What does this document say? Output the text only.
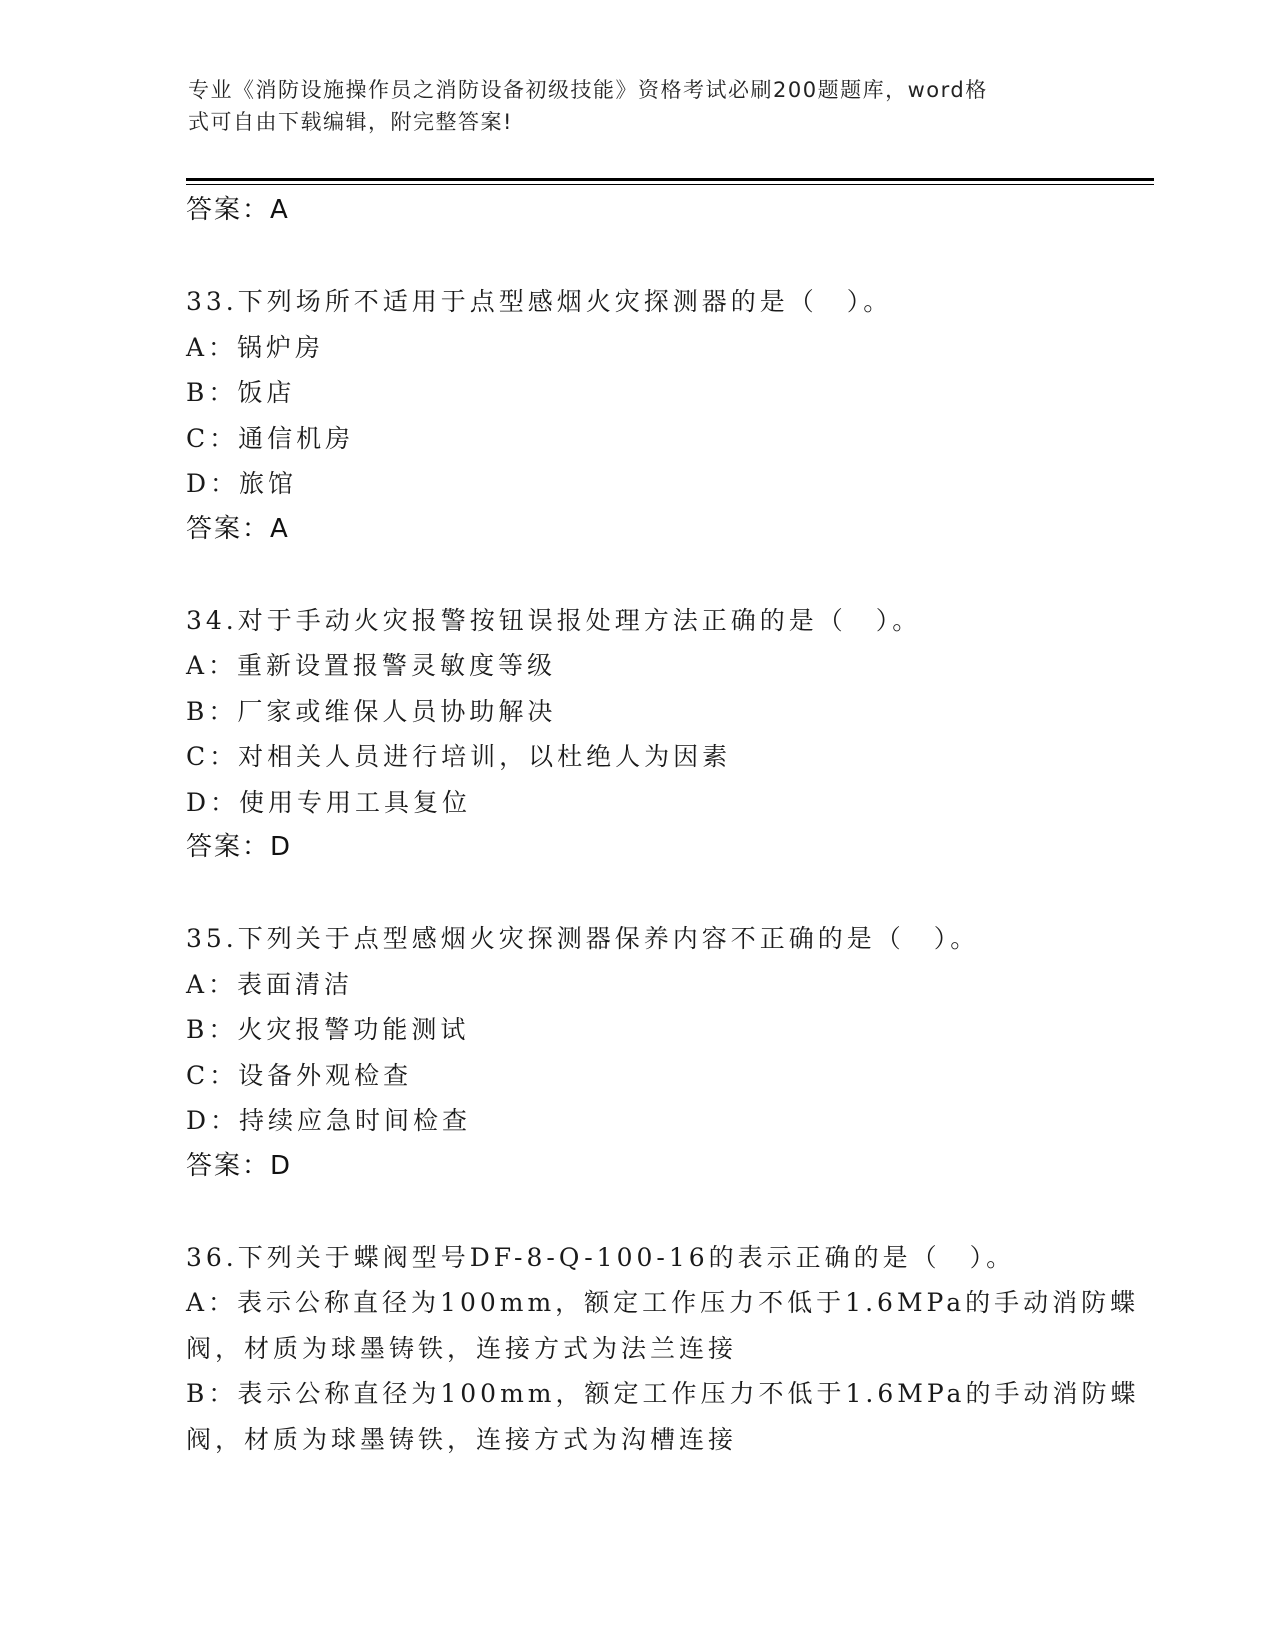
专业《消防设施操作员之消防设备初级技能》资格考试必刷200题题库，word格
式可自由下载编辑，附完整答案!
答案：A
33.下列场所不适用于点型感烟火灾探测器的是（　）。
A：锅炉房
B：饭店
C：通信机房
D：旅馆
答案：A
34.对于手动火灾报警按钮误报处理方法正确的是（　）。
A：重新设置报警灵敏度等级
B：厂家或维保人员协助解决
C：对相关人员进行培训，以杜绝人为因素
D：使用专用工具复位
答案：D
35.下列关于点型感烟火灾探测器保养内容不正确的是（　）。
A：表面清洁
B：火灾报警功能测试
C：设备外观检查
D：持续应急时间检查
答案：D
36.下列关于蝶阀型号DF-8-Q-100-16的表示正确的是（　）。
A：表示公称直径为100mm，额定工作压力不低于1.6MPa的手动消防蝶
阀，材质为球墨铸铁，连接方式为法兰连接
B：表示公称直径为100mm，额定工作压力不低于1.6MPa的手动消防蝶
阀，材质为球墨铸铁，连接方式为沟槽连接
